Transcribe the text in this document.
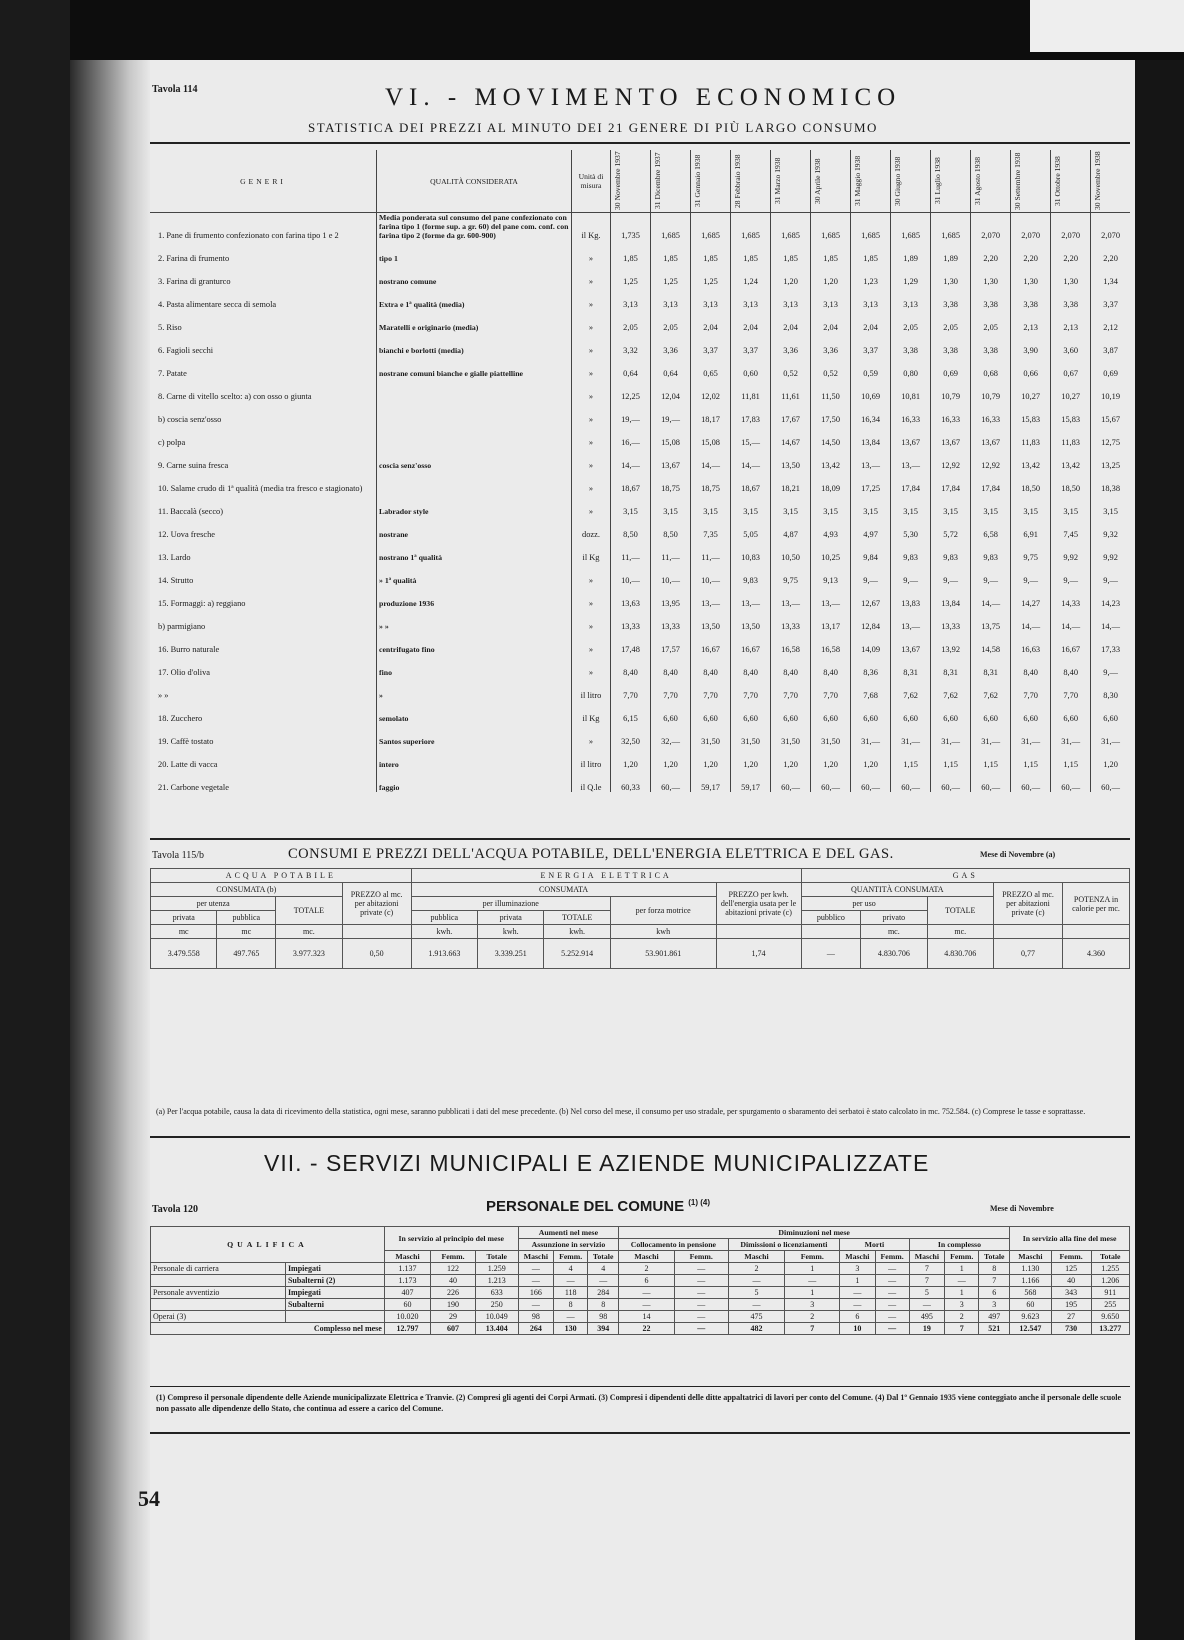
Tavola 114	VI. - MOVIMENTO ECONOMICO
STATISTICA DEI PREZZI AL MINUTO DEI 21 GENERE DI PIÙ LARGO CONSUMO
GENERI	QUALITÀ CONSIDERATA	Unità di misura	30 Novembre 1937	31 Dicembre 1937	31 Gennaio 1938	28 Febbraio 1938	31 Marzo 1938	30 Aprile 1938	31 Maggio 1938	30 Giugno 1938	31 Luglio 1938	31 Agosto 1938	30 Settembre 1938	31 Ottobre 1938	30 Novembre 1938

1. Pane di frumento confezionato con farina tipo 1 e 2	Media ponderata sul consumo del pane confezionato con farina tipo 1 (forme sup. a gr. 60) del pane com. conf. con farina tipo 2 (forme da gr. 600-900)	il Kg.	1,735	1,685	1,685	1,685	1,685	1,685	1,685	1,685	1,685	2,070	2,070	2,070	2,070
2. Farina di frumento	tipo 1	»	1,85	1,85	1,85	1,85	1,85	1,85	1,85	1,89	1,89	2,20	2,20	2,20	2,20
3. Farina di granturco	nostrano comune	»	1,25	1,25	1,25	1,24	1,20	1,20	1,23	1,29	1,30	1,30	1,30	1,30	1,34
4. Pasta alimentare secca di semola	Extra e 1ª qualità (media)	»	3,13	3,13	3,13	3,13	3,13	3,13	3,13	3,13	3,38	3,38	3,38	3,38	3,37
5. Riso	Maratelli e originario (media)	»	2,05	2,05	2,04	2,04	2,04	2,04	2,04	2,05	2,05	2,05	2,13	2,13	2,12
6. Fagioli secchi	bianchi e borlotti (media)	»	3,32	3,36	3,37	3,37	3,36	3,36	3,37	3,38	3,38	3,38	3,90	3,60	3,87
7. Patate	nostrane comuni bianche e gialle piattelline	»	0,64	0,64	0,65	0,60	0,52	0,52	0,59	0,80	0,69	0,68	0,66	0,67	0,69
8. Carne di vitello scelto: a) con osso o giunta		»	12,25	12,04	12,02	11,81	11,61	11,50	10,69	10,81	10,79	10,79	10,27	10,27	10,19
b) coscia senz'osso		»	19,—	19,—	18,17	17,83	17,67	17,50	16,34	16,33	16,33	16,33	15,83	15,83	15,67
c) polpa		»	16,—	15,08	15,08	15,—	14,67	14,50	13,84	13,67	13,67	13,67	11,83	11,83	12,75
9. Carne suina fresca	coscia senz'osso	»	14,—	13,67	14,—	14,—	13,50	13,42	13,—	13,—	12,92	12,92	13,42	13,42	13,25
10. Salame crudo di 1ª qualità (media tra fresco e stagionato)		»	18,67	18,75	18,75	18,67	18,21	18,09	17,25	17,84	17,84	17,84	18,50	18,50	18,38
11. Baccalà (secco)	Labrador style	»	3,15	3,15	3,15	3,15	3,15	3,15	3,15	3,15	3,15	3,15	3,15	3,15	3,15
12. Uova fresche	nostrane	dozz.	8,50	8,50	7,35	5,05	4,87	4,93	4,97	5,30	5,72	6,58	6,91	7,45	9,32
13. Lardo	nostrano 1ª qualità	il Kg	11,—	11,—	11,—	10,83	10,50	10,25	9,84	9,83	9,83	9,83	9,75	9,92	9,92
14. Strutto	» 1ª qualità	»	10,—	10,—	10,—	9,83	9,75	9,13	9,—	9,—	9,—	9,—	9,—	9,—	9,—
15. Formaggi: a) reggiano	produzione 1936	»	13,63	13,95	13,—	13,—	13,—	13,—	12,67	13,83	13,84	14,—	14,27	14,33	14,23
b) parmigiano	» »	»	13,33	13,33	13,50	13,50	13,33	13,17	12,84	13,—	13,33	13,75	14,—	14,—	14,—
16. Burro naturale	centrifugato fino	»	17,48	17,57	16,67	16,67	16,58	16,58	14,09	13,67	13,92	14,58	16,63	16,67	17,33
17. Olio d'oliva	fino	»	8,40	8,40	8,40	8,40	8,40	8,40	8,36	8,31	8,31	8,31	8,40	8,40	9,—
» »	»	il litro	7,70	7,70	7,70	7,70	7,70	7,70	7,68	7,62	7,62	7,62	7,70	7,70	8,30
18. Zucchero	semolato	il Kg	6,15	6,60	6,60	6,60	6,60	6,60	6,60	6,60	6,60	6,60	6,60	6,60	6,60
19. Caffè tostato	Santos superiore	»	32,50	32,—	31,50	31,50	31,50	31,50	31,—	31,—	31,—	31,—	31,—	31,—	31,—
20. Latte di vacca	intero	il litro	1,20	1,20	1,20	1,20	1,20	1,20	1,20	1,15	1,15	1,15	1,15	1,15	1,20
21. Carbone vegetale	faggio	il Q.le	60,33	60,—	59,17	59,17	60,—	60,—	60,—	60,—	60,—	60,—	60,—	60,—	60,—
Tavola 115/b	CONSUMI E PREZZI DELL'ACQUA POTABILE, DELL'ENERGIA ELETTRICA E DEL GAS.	Mese di Novembre (a)
ACQUA POTABILE				ENERGIA ELETTRICA					GAS				
CONSUMATA (b)			PREZZO al mc. per abitazioni private (c)	CONSUMATA				PREZZO per kwh. dell'energia usata per le abitazioni private (c)	QUANTITÀ CONSUMATA			PREZZO al mc. per abitazioni private (c)	POTENZA in calorie per mc.
per utenza		TOTALE		per illuminazione			per forza motrice		per uso		TOTALE		
privata	pubblica			pubblica	privata	TOTALE			pubblico	privato			
mc	mc	mc.		kwh.	kwh.	kwh.	kwh			mc.	mc.		
3.479.558	497.765	3.977.323	0,50	1.913.663	3.339.251	5.252.914	53.901.861	1,74	—	4.830.706	4.830.706	0,77	4.360
(a) Per l'acqua potabile, causa la data di ricevimento della statistica, ogni mese, saranno pubblicati i dati del mese precedente. (b) Nel corso del mese, il consumo per uso stradale, per spurgamento o sbaramento dei serbatoi è stato calcolato in mc. 752.584. (c) Comprese le tasse e soprattasse.
VII. - SERVIZI MUNICIPALI E AZIENDE MUNICIPALIZZATE
Tavola 120	PERSONALE DEL COMUNE $^{(1) (4)}$
Mese di Novembre
QUALIFICA		In servizio al principio del mese			Aumenti nel mese			Diminuzioni nel mese									In servizio alla fine del mese		
					Assunzione in servizio			Collocamento in pensione		Dimissioni o licenziamenti		Morti		In complesso					
		Maschi	Femm.	Totale	Maschi	Femm.	Totale	Maschi	Femm.	Maschi	Femm.	Maschi	Femm.	Maschi	Femm.	Totale	Maschi	Femm.	Totale
Personale di carriera	Impiegati	1.137	122	1.259	—	4	4	2	—	2	1	3	—	7	1	8	1.130	125	1.255
	Subalterni (2)	1.173	40	1.213	—	—	—	6	—	—	—	1	—	7	—	7	1.166	40	1.206
Personale avventizio	Impiegati	407	226	633	166	118	284	—	—	5	1	—	—	5	1	6	568	343	911
	Subalterni	60	190	250	—	8	8	—	—	—	3	—	—	—	3	3	60	195	255
Operai (3)		10.020	29	10.049	98	—	98	14	—	475	2	6	—	495	2	497	9.623	27	9.650
Complesso nel mese		12.797	607	13.404	264	130	394	22	—	482	7	10	—	19	7	521	12.547	730	13.277
(1) Compreso il personale dipendente delle Aziende municipalizzate Elettrica e Tranvie. (2) Compresi gli agenti dei Corpi Armati. (3) Compresi i dipendenti delle ditte appaltatrici di lavori per conto del Comune. (4) Dal 1º Gennaio 1935 viene conteggiato anche il personale delle scuole non passato alle dipendenze dello Stato, che continua ad essere a carico del Comune.
54
